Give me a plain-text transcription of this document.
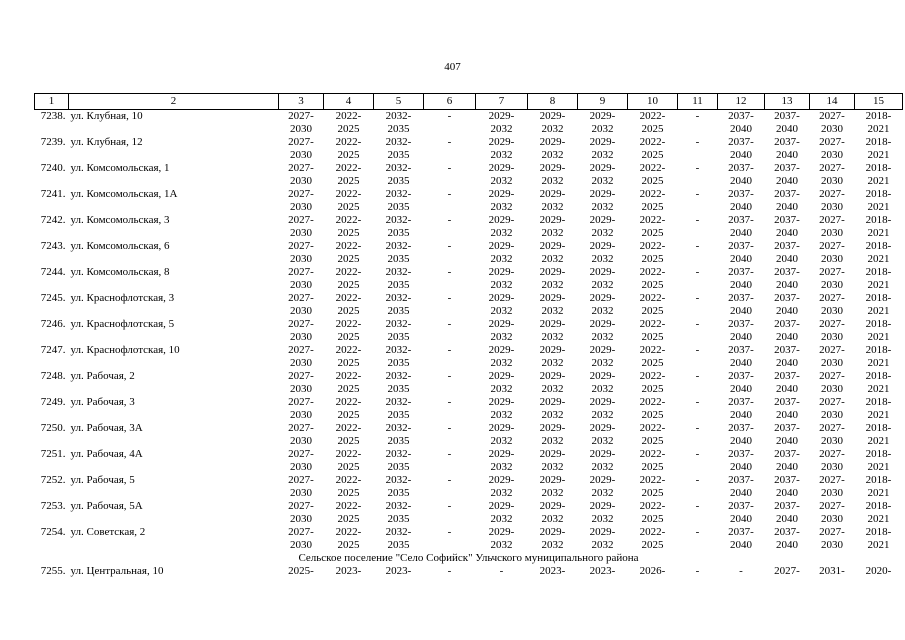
407
1	2	3	4	5	6	7	8	9	10	11	12	13	14	15
7238.	ул. Клубная, 10	2027-	2022-	2032-	-	2029-	2029-	2029-	2022-	-	2037-	2037-	2027-	2018-
		2030	2025	2035		2032	2032	2032	2025		2040	2040	2030	2021
7239.	ул. Клубная, 12	2027-	2022-	2032-	-	2029-	2029-	2029-	2022-	-	2037-	2037-	2027-	2018-
		2030	2025	2035		2032	2032	2032	2025		2040	2040	2030	2021
7240.	ул. Комсомольская, 1	2027-	2022-	2032-	-	2029-	2029-	2029-	2022-	-	2037-	2037-	2027-	2018-
		2030	2025	2035		2032	2032	2032	2025		2040	2040	2030	2021
7241.	ул. Комсомольская, 1А	2027-	2022-	2032-	-	2029-	2029-	2029-	2022-	-	2037-	2037-	2027-	2018-
		2030	2025	2035		2032	2032	2032	2025		2040	2040	2030	2021
7242.	ул. Комсомольская, 3	2027-	2022-	2032-	-	2029-	2029-	2029-	2022-	-	2037-	2037-	2027-	2018-
		2030	2025	2035		2032	2032	2032	2025		2040	2040	2030	2021
7243.	ул. Комсомольская, 6	2027-	2022-	2032-	-	2029-	2029-	2029-	2022-	-	2037-	2037-	2027-	2018-
		2030	2025	2035		2032	2032	2032	2025		2040	2040	2030	2021
7244.	ул. Комсомольская, 8	2027-	2022-	2032-	-	2029-	2029-	2029-	2022-	-	2037-	2037-	2027-	2018-
		2030	2025	2035		2032	2032	2032	2025		2040	2040	2030	2021
7245.	ул. Краснофлотская, 3	2027-	2022-	2032-	-	2029-	2029-	2029-	2022-	-	2037-	2037-	2027-	2018-
		2030	2025	2035		2032	2032	2032	2025		2040	2040	2030	2021
7246.	ул. Краснофлотская, 5	2027-	2022-	2032-	-	2029-	2029-	2029-	2022-	-	2037-	2037-	2027-	2018-
		2030	2025	2035		2032	2032	2032	2025		2040	2040	2030	2021
7247.	ул. Краснофлотская, 10	2027-	2022-	2032-	-	2029-	2029-	2029-	2022-	-	2037-	2037-	2027-	2018-
		2030	2025	2035		2032	2032	2032	2025		2040	2040	2030	2021
7248.	ул. Рабочая, 2	2027-	2022-	2032-	-	2029-	2029-	2029-	2022-	-	2037-	2037-	2027-	2018-
		2030	2025	2035		2032	2032	2032	2025		2040	2040	2030	2021
7249.	ул. Рабочая, 3	2027-	2022-	2032-	-	2029-	2029-	2029-	2022-	-	2037-	2037-	2027-	2018-
		2030	2025	2035		2032	2032	2032	2025		2040	2040	2030	2021
7250.	ул. Рабочая, 3А	2027-	2022-	2032-	-	2029-	2029-	2029-	2022-	-	2037-	2037-	2027-	2018-
		2030	2025	2035		2032	2032	2032	2025		2040	2040	2030	2021
7251.	ул. Рабочая, 4А	2027-	2022-	2032-	-	2029-	2029-	2029-	2022-	-	2037-	2037-	2027-	2018-
		2030	2025	2035		2032	2032	2032	2025		2040	2040	2030	2021
7252.	ул. Рабочая, 5	2027-	2022-	2032-	-	2029-	2029-	2029-	2022-	-	2037-	2037-	2027-	2018-
		2030	2025	2035		2032	2032	2032	2025		2040	2040	2030	2021
7253.	ул. Рабочая, 5А	2027-	2022-	2032-	-	2029-	2029-	2029-	2022-	-	2037-	2037-	2027-	2018-
		2030	2025	2035		2032	2032	2032	2025		2040	2040	2030	2021
7254.	ул. Советская, 2	2027-	2022-	2032-	-	2029-	2029-	2029-	2022-	-	2037-	2037-	2027-	2018-
		2030	2025	2035		2032	2032	2032	2025		2040	2040	2030	2021
Сельское поселение "Село Софийск" Ульчского муниципального района														
7255.	ул. Центральная, 10	2025-	2023-	2023-	-	-	2023-	2023-	2026-	-	-	2027-	2031-	2020-
